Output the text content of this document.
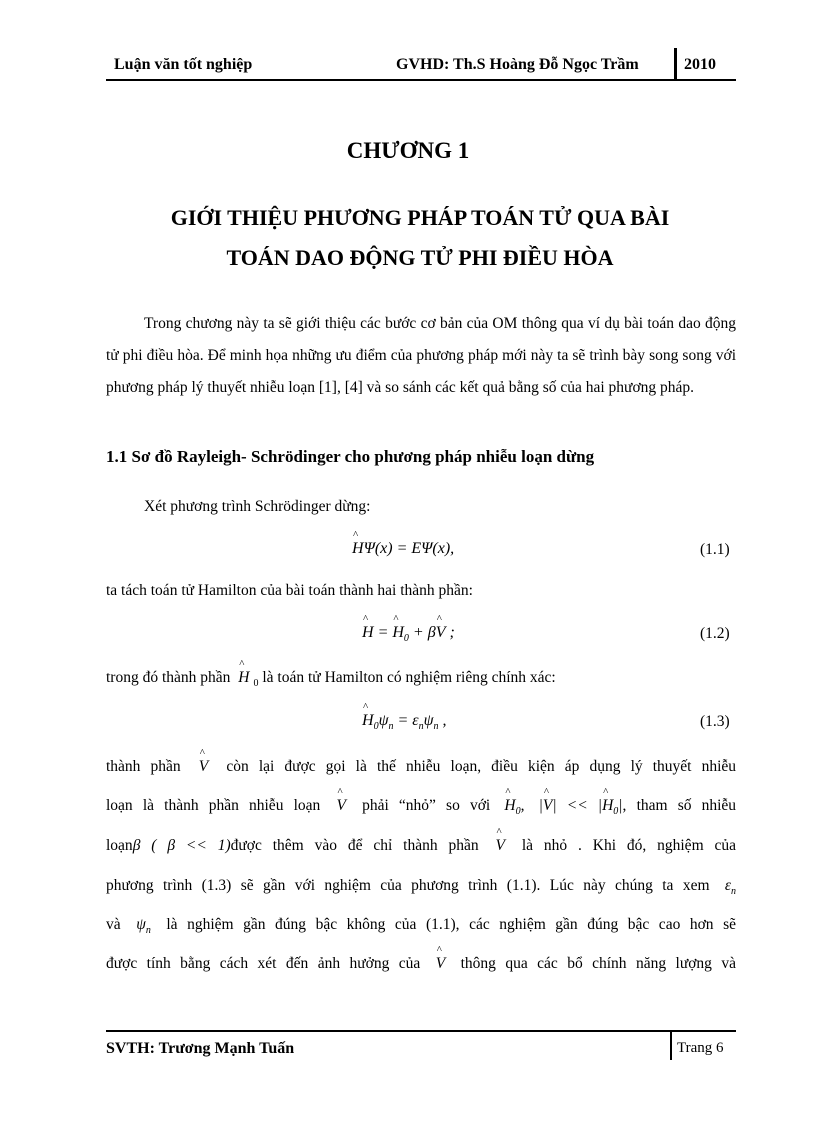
Luận văn tốt nghiệp	GVHD: Th.S Hoàng Đỗ Ngọc Trầm	2010
CHƯƠNG 1
GIỚI THIỆU PHƯƠNG PHÁP TOÁN TỬ QUA BÀI
TOÁN DAO ĐỘNG TỬ PHI ĐIỀU HÒA
Trong chương này ta sẽ giới thiệu các bước cơ bản của OM thông qua ví dụ bài toán dao động tử phi điều hòa. Để minh họa những ưu điểm của phương pháp mới này ta sẽ trình bày song song với phương pháp lý thuyết nhiễu loạn [1], [4] và so sánh các kết quả bằng số của hai phương pháp.
1.1 Sơ đồ Rayleigh- Schrödinger cho phương pháp nhiễu loạn dừng
Xét phương trình Schrödinger dừng:
^ HΨ(x) = EΨ(x),	(1.1)
ta tách toán tử Hamilton của bài toán thành hai thành phần:
^ H = ^ $H_0$ + β^ V ;	(1.2)
trong đó thành phần ^ H $_0$ là toán tử Hamilton có nghiệm riêng chính xác:
^ $H_0\psi_n = \varepsilon_n\psi_n$ ,	(1.3)
thành phần ^ V còn lại được gọi là thế nhiễu loạn, điều kiện áp dụng lý thuyết nhiễu
loạn là thành phần nhiễu loạn ^ V phải “nhỏ” so với ^ $H_0$, |^ V| << |^ $H_0|$, tham số nhiễu
loạnβ ( β << 1)được thêm vào để chỉ thành phần ^ V là nhỏ . Khi đó, nghiệm của
phương trình (1.3) sẽ gần với nghiệm của phương trình (1.1). Lúc này chúng ta xem $\varepsilon_n$
và $\psi_n$ là nghiệm gần đúng bậc không của (1.1), các nghiệm gần đúng bậc cao hơn sẽ
được tính bằng cách xét đến ảnh hưởng của ^ V thông qua các bổ chính năng lượng và
SVTH: Trương Mạnh Tuấn	Trang 6
